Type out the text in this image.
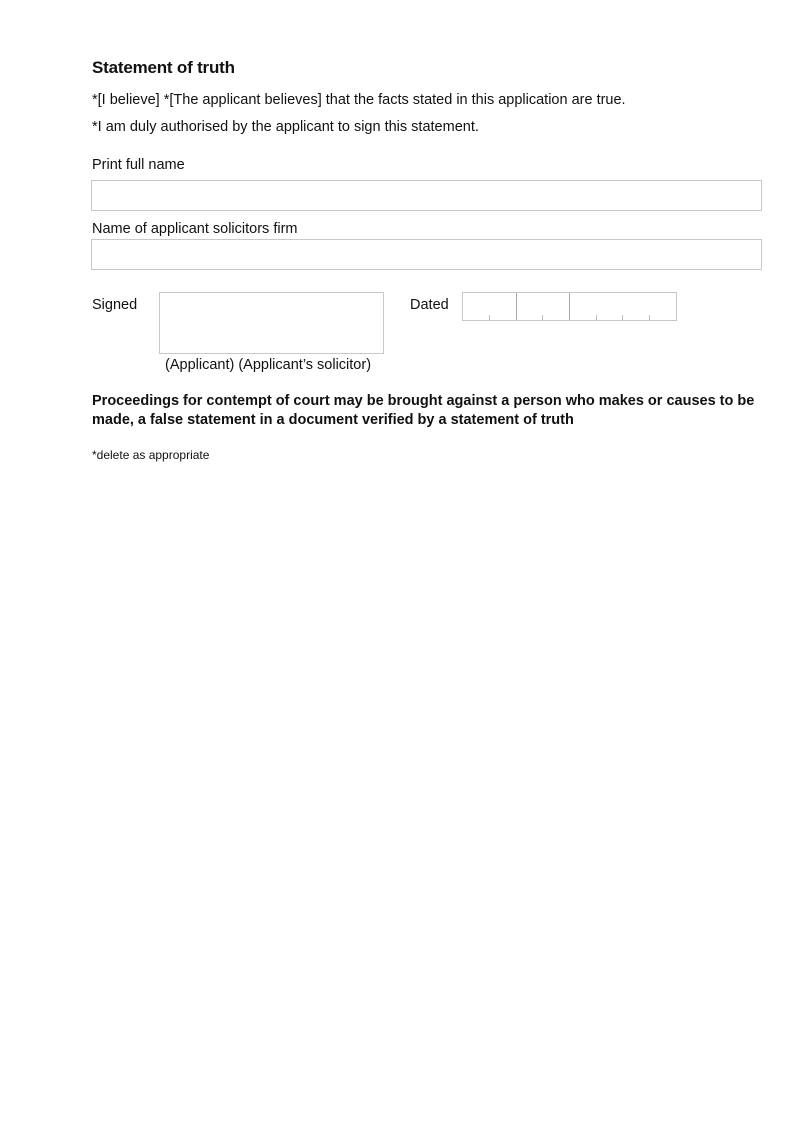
Statement of truth
*[I believe] *[The applicant believes] that the facts stated in this application are true.
*I am duly authorised by the applicant to sign this statement.
Print full name
Name of applicant solicitors firm
Signed	Dated
(Applicant) (Applicant’s solicitor)
Proceedings for contempt of court may be brought against a person who makes or causes to be made, a false statement in a document verified by a statement of truth
*delete as appropriate
